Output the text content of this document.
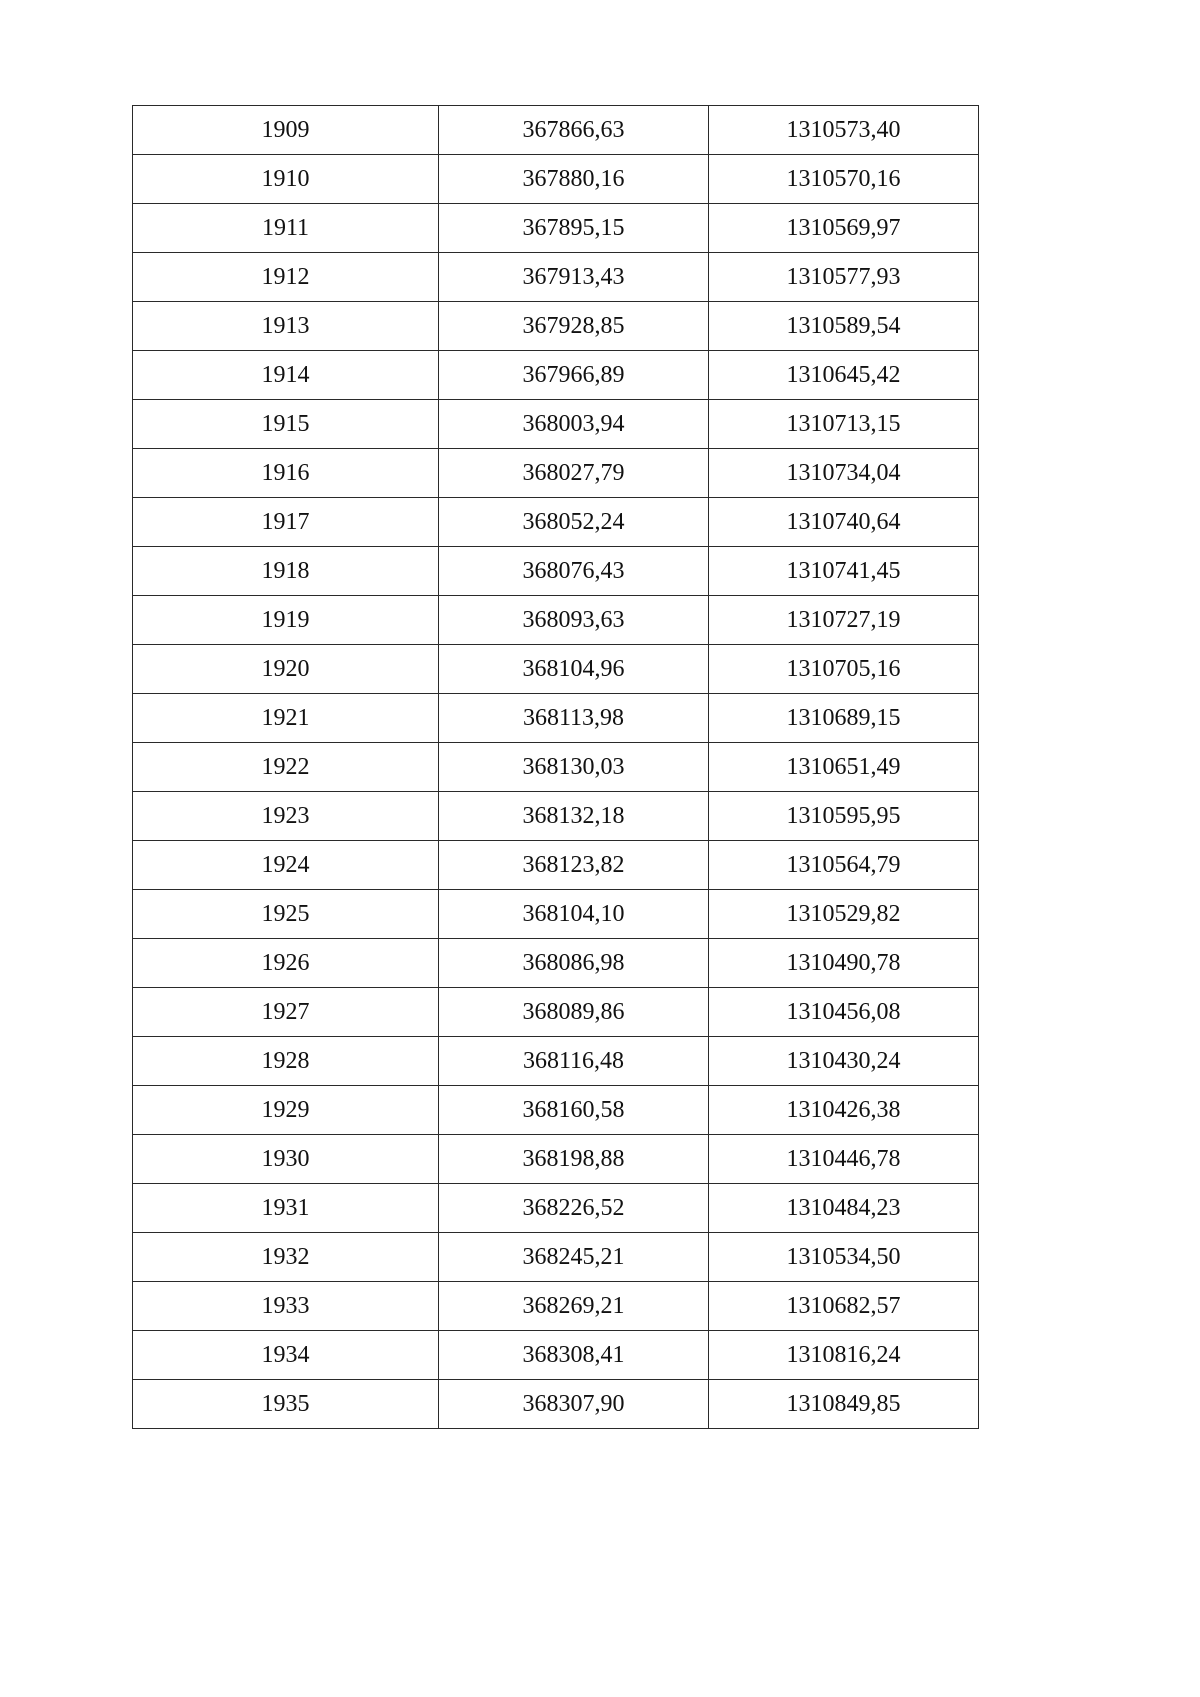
1909	367866,63	1310573,40
1910	367880,16	1310570,16
1911	367895,15	1310569,97
1912	367913,43	1310577,93
1913	367928,85	1310589,54
1914	367966,89	1310645,42
1915	368003,94	1310713,15
1916	368027,79	1310734,04
1917	368052,24	1310740,64
1918	368076,43	1310741,45
1919	368093,63	1310727,19
1920	368104,96	1310705,16
1921	368113,98	1310689,15
1922	368130,03	1310651,49
1923	368132,18	1310595,95
1924	368123,82	1310564,79
1925	368104,10	1310529,82
1926	368086,98	1310490,78
1927	368089,86	1310456,08
1928	368116,48	1310430,24
1929	368160,58	1310426,38
1930	368198,88	1310446,78
1931	368226,52	1310484,23
1932	368245,21	1310534,50
1933	368269,21	1310682,57
1934	368308,41	1310816,24
1935	368307,90	1310849,85
